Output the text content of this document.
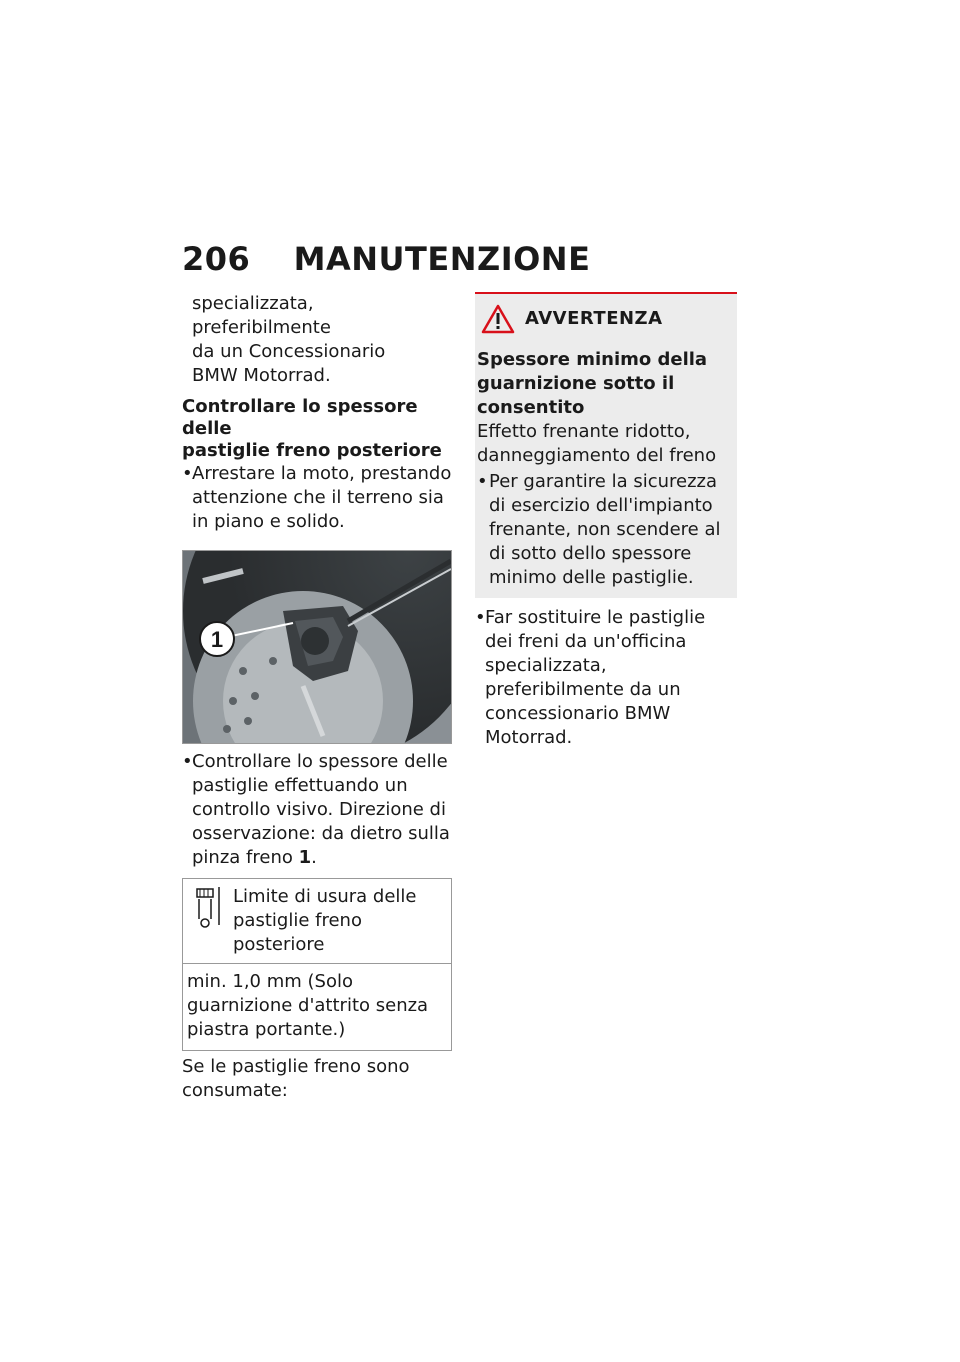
206 MANUTENZIONE

specializzata, preferibilmente

da un Concessionario

BMW Motorrad.

Controllare lo spessore delle
pastiglie freno posteriore

• Arrestare la moto, prestando attenzione che il terreno sia in piano e solido.

1

• Controllare lo spessore delle pastiglie effettuando un controllo visivo. Direzione di osservazione: da dietro sulla pinza freno 1.

Limite di usura delle pastiglie freno posteriore
min. 1,0 mm (Solo guarnizione d'attrito senza piastra portante.)

Se le pastiglie freno sono consumate:

AVVERTENZA

Spessore minimo della guarnizione sotto il consentito

Effetto frenante ridotto, danneggiamento del freno

• Per garantire la sicurezza di esercizio dell'impianto frenante, non scendere al di sotto dello spessore minimo delle pastiglie.

• Far sostituire le pastiglie dei freni da un'officina specializzata, preferibilmente da un concessionario BMW Motorrad.
